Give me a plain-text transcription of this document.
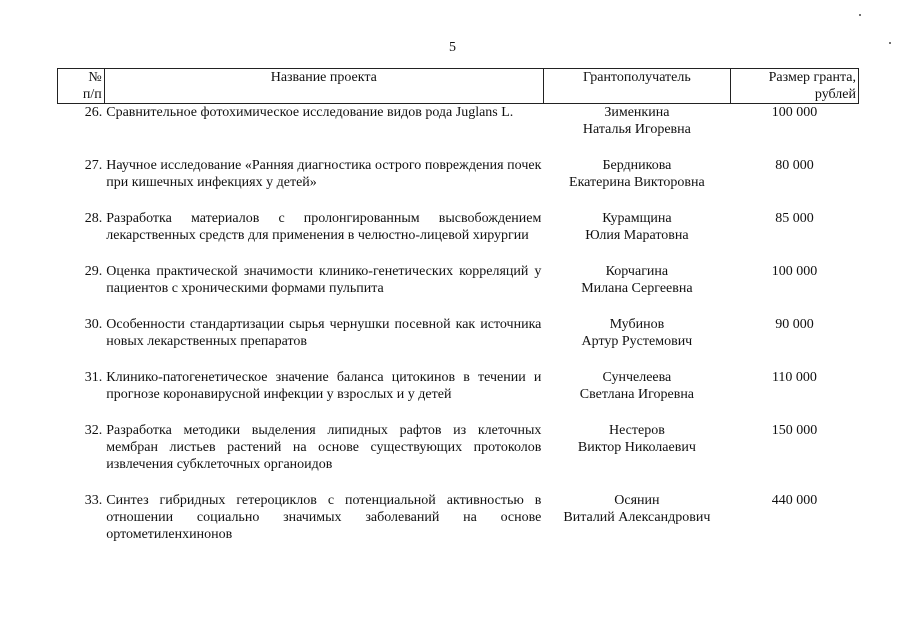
5
№
п/п	Название проекта	Грантополучатель	Размер гранта,
рублей
26.	Сравнительное фотохимическое исследование видов рода Juglans L.	Зименкина
Наталья Игоревна	100 000
27.	Научное исследование «Ранняя диагностика острого повреждения почек при кишечных инфекциях у детей»	Бердникова
Екатерина Викторовна	80 000
28.	Разработка материалов с пролонгированным высвобождением лекарственных средств для применения в челюстно-лицевой хирургии	Курамщина
Юлия Маратовна	85 000
29.	Оценка практической значимости клинико-генетических корреляций у пациентов с хроническими формами пульпита	Корчагина
Милана Сергеевна	100 000
30.	Особенности стандартизации сырья чернушки посевной как источника новых лекарственных препаратов	Мубинов
Артур Рустемович	90 000
31.	Клинико-патогенетическое значение баланса цитокинов в течении и прогнозе коронавирусной инфекции у взрослых и у детей	Сунчелеева
Светлана Игоревна	110 000
32.	Разработка методики выделения липидных рафтов из клеточных мембран листьев растений на основе существующих протоколов извлечения субклеточных органоидов	Нестеров
Виктор Николаевич	150 000
33.	Синтез гибридных гетероциклов с потенциальной активностью в отношении социально значимых заболеваний на основе ортометиленхинонов	Осянин
Виталий Александрович	440 000
